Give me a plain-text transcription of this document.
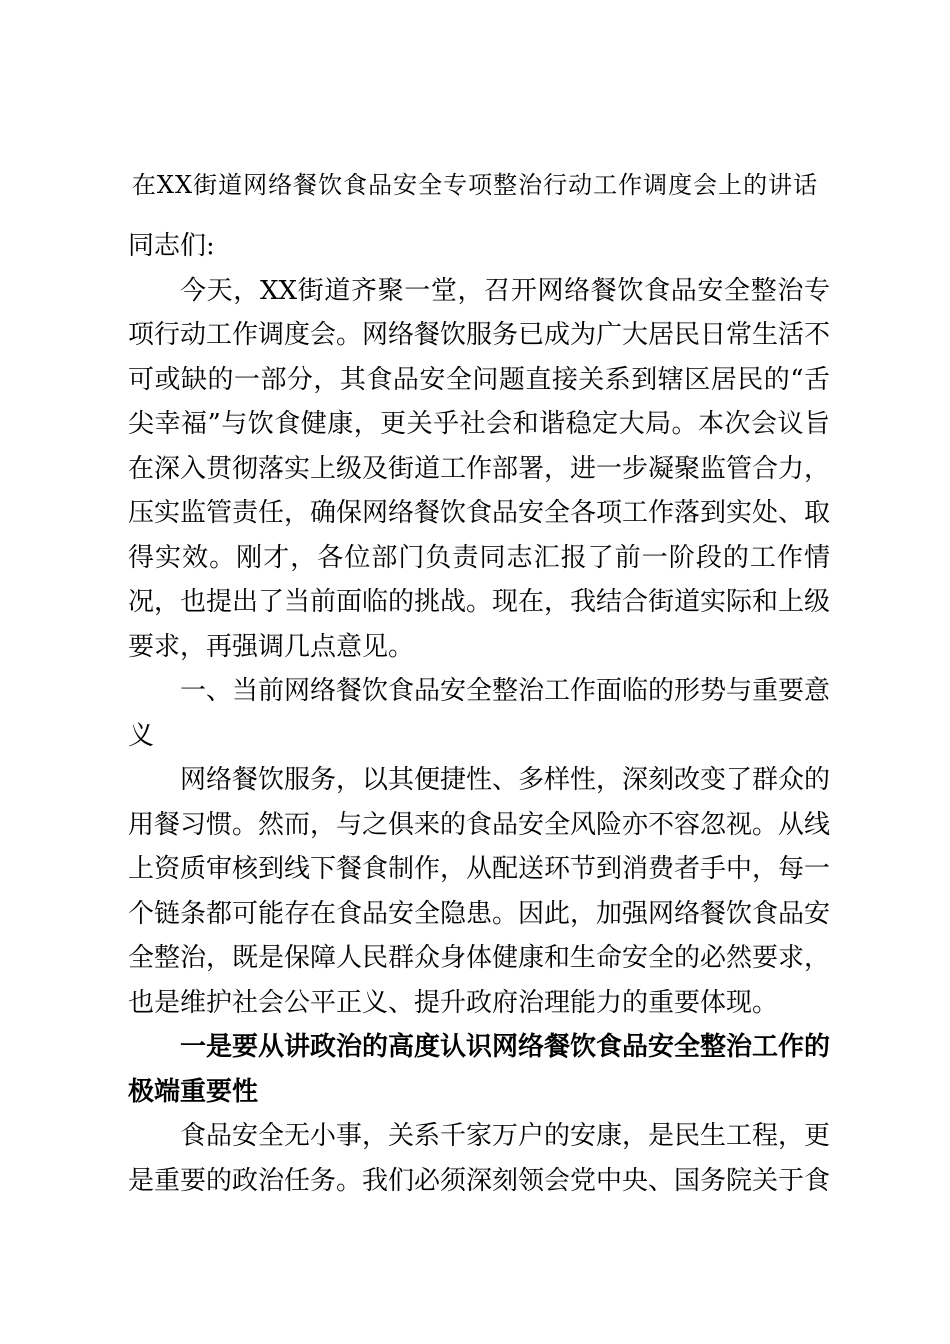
在XX街道网络餐饮食品安全专项整治行动工作调度会上的讲话

同志们:

今天，XX街道齐聚一堂，召开网络餐饮食品安全整治专项行动工作调度会。网络餐饮服务已成为广大居民日常生活不可或缺的一部分，其食品安全问题直接关系到辖区居民的“舌尖幸福”与饮食健康，更关乎社会和谐稳定大局。本次会议旨在深入贯彻落实上级及街道工作部署，进一步凝聚监管合力，压实监管责任，确保网络餐饮食品安全各项工作落到实处、取得实效。刚才，各位部门负责同志汇报了前一阶段的工作情况，也提出了当前面临的挑战。现在，我结合街道实际和上级要求，再强调几点意见。

一、当前网络餐饮食品安全整治工作面临的形势与重要意义

网络餐饮服务，以其便捷性、多样性，深刻改变了群众的用餐习惯。然而，与之俱来的食品安全风险亦不容忽视。从线上资质审核到线下餐食制作，从配送环节到消费者手中，每一个链条都可能存在食品安全隐患。因此，加强网络餐饮食品安全整治，既是保障人民群众身体健康和生命安全的必然要求，也是维护社会公平正义、提升政府治理能力的重要体现。

一是要从讲政治的高度认识网络餐饮食品安全整治工作的极端重要性

食品安全无小事，关系千家万户的安康，是民生工程，更是重要的政治任务。我们必须深刻领会党中央、国务院关于食
